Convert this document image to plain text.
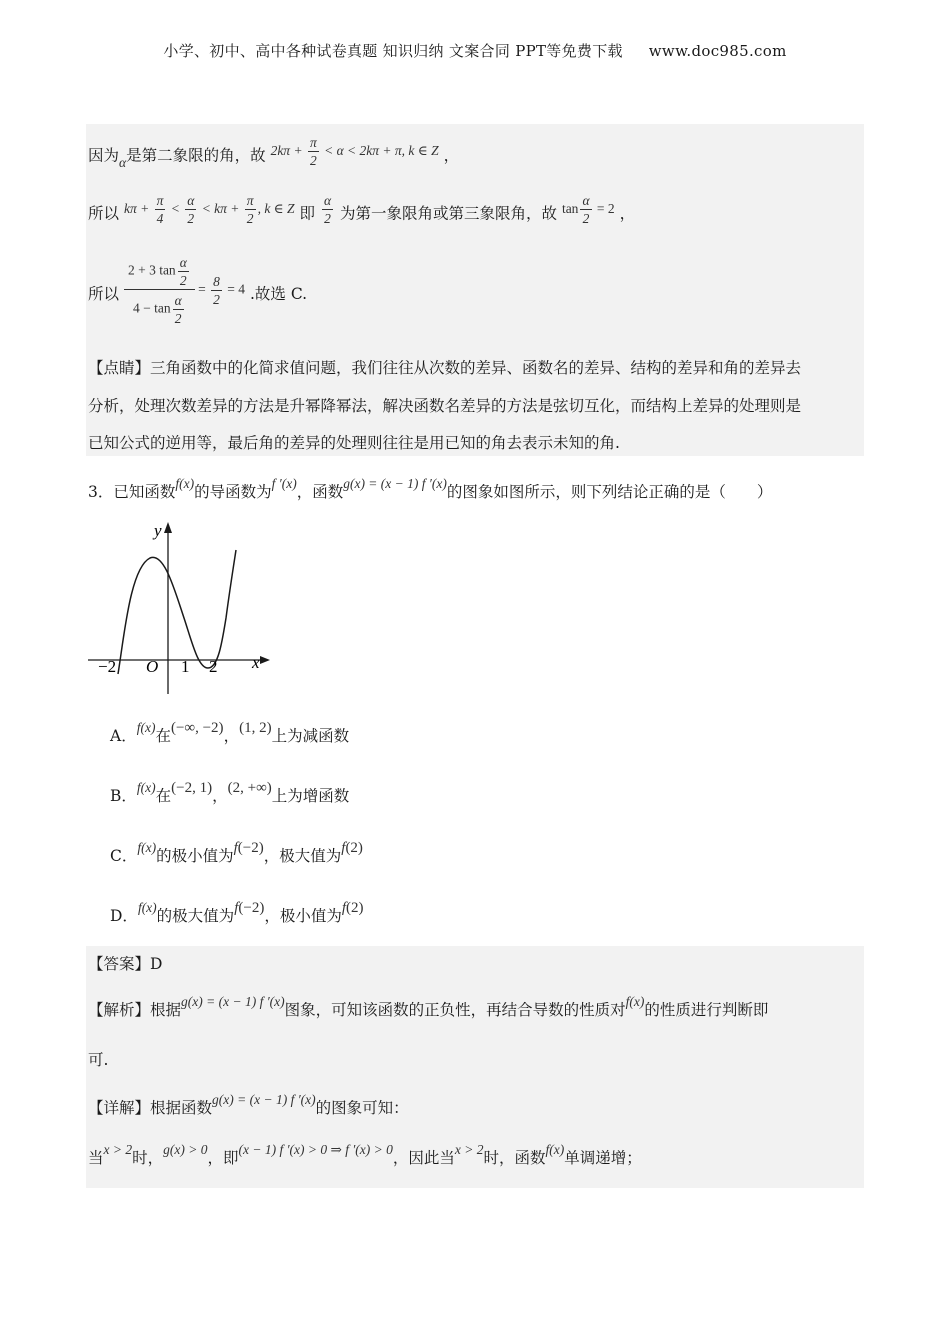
小学、初中、高中各种试卷真题 知识归纳 文案合同 PPT等免费下载 www.doc985.com
因为α是第二象限的角，故 $2k\pi + \frac{\pi}{2} < \alpha < 2k\pi + \pi$, k ∈ Z ，
所以 $k\pi + \frac{\pi}{4} < \frac{\alpha}{2} < k\pi + \frac{\pi}{2}$ , k ∈ Z 即 $\frac{\alpha}{2}$ 为第一象限角或第三象限角，故 $\tan \frac{\alpha}{2} = 2$ ，
所以 $\frac{2 + 3 \tan \frac{\alpha}{2}}{4 - \tan \frac{\alpha}{2}} = \frac{8}{2} = 4$ .故选 C.
【点睛】三角函数中的化简求值问题，我们往往从次数的差异、函数名的差异、结构的差异和角的差异去
分析，处理次数差异的方法是升幂降幂法，解决函数名差异的方法是弦切互化，而结构上差异的处理则是
已知公式的逆用等，最后角的差异的处理则往往是用已知的角去表示未知的角.
3．已知函数f(x)的导函数为f ′(x)，函数g(x) = (x − 1) f ′(x)的图象如图所示，则下列结论正确的是（　　）
y
x
O
−2	1 2
A．f(x)在(−∞, −2)，(1, 2)上为减函数
B．f(x)在(−2, 1)，(2, +∞)上为增函数
C．f(x)的极小值为f(−2)，极大值为f(2)
D．f(x)的极大值为f(−2)，极小值为f(2)
【答案】D
【解析】根据g(x) = (x − 1) f ′(x)图象，可知该函数的正负性，再结合导数的性质对f(x)的性质进行判断即
可.
【详解】根据函数g(x) = (x − 1) f ′(x)的图象可知：
当x > 2时，g(x) > 0，即(x − 1) f ′(x) > 0 ⇒ f ′(x) > 0，因此当x > 2时，函数f(x)单调递增；
